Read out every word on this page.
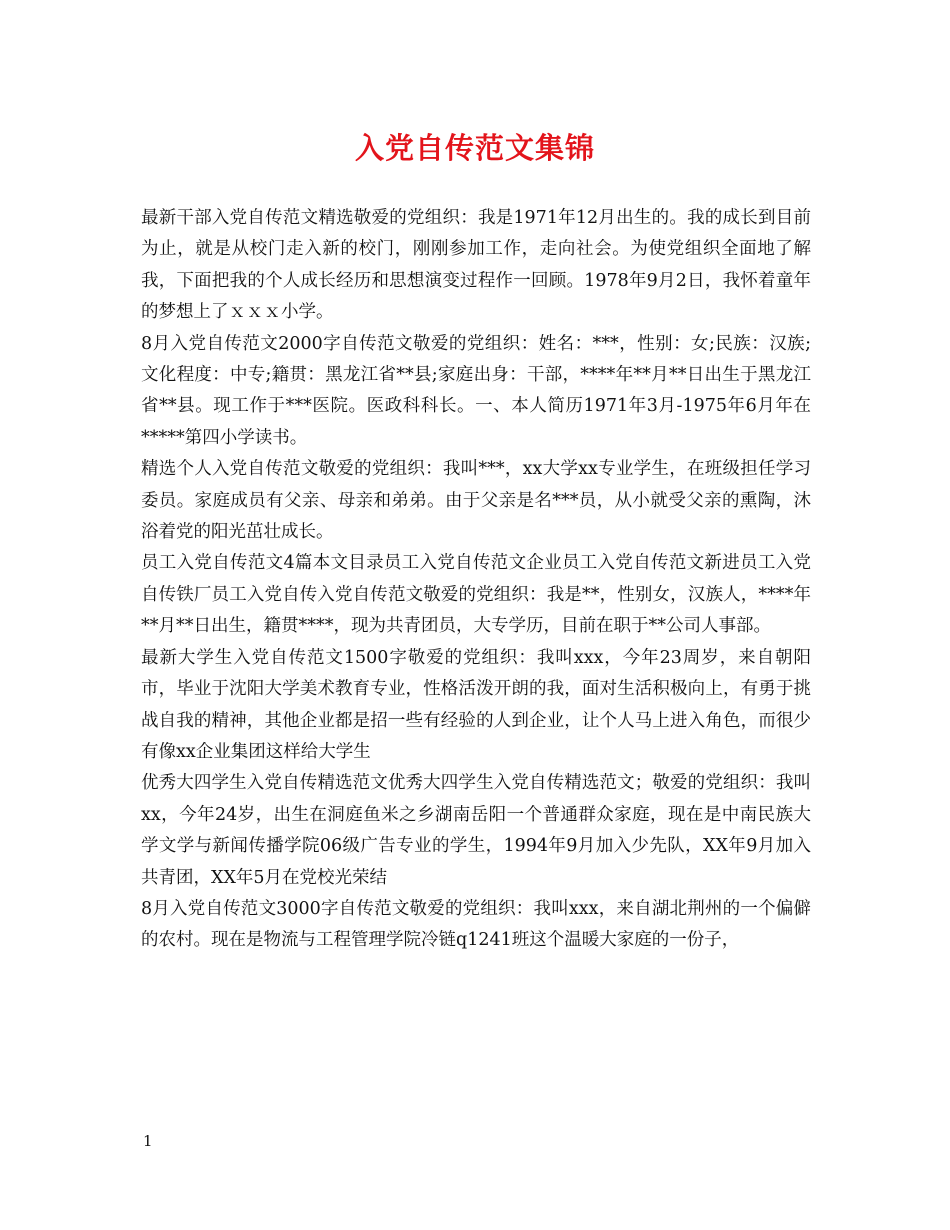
入党自传范文集锦

最新干部入党自传范文精选敬爱的党组织：我是1971年12月出生的。我的成长到目前为止，就是从校门走入新的校门，刚刚参加工作，走向社会。为使党组织全面地了解我，下面把我的个人成长经历和思想演变过程作一回顾。1978年9月2日，我怀着童年的梦想上了ｘｘｘ小学。

8月入党自传范文2000字自传范文敬爱的党组织：姓名：***，性别：女;民族：汉族;文化程度：中专;籍贯：黑龙江省**县;家庭出身：干部，****年**月**日出生于黑龙江省**县。现工作于***医院。医政科科长。一、本人简历1971年3月-1975年6月年在*****第四小学读书。

精选个人入党自传范文敬爱的党组织：我叫***，xx大学xx专业学生，在班级担任学习委员。家庭成员有父亲、母亲和弟弟。由于父亲是名***员，从小就受父亲的熏陶，沐浴着党的阳光茁壮成长。

员工入党自传范文4篇本文目录员工入党自传范文企业员工入党自传范文新进员工入党自传铁厂员工入党自传入党自传范文敬爱的党组织：我是**，性别女，汉族人，****年**月**日出生，籍贯****，现为共青团员，大专学历，目前在职于**公司人事部。

最新大学生入党自传范文1500字敬爱的党组织：我叫xxx，今年23周岁，来自朝阳市，毕业于沈阳大学美术教育专业，性格活泼开朗的我，面对生活积极向上，有勇于挑战自我的精神，其他企业都是招一些有经验的人到企业，让个人马上进入角色，而很少有像xx企业集团这样给大学生

优秀大四学生入党自传精选范文优秀大四学生入党自传精选范文；敬爱的党组织：我叫xx，今年24岁，出生在洞庭鱼米之乡湖南岳阳一个普通群众家庭，现在是中南民族大学文学与新闻传播学院06级广告专业的学生，1994年9月加入少先队，XX年9月加入共青团，XX年5月在党校光荣结

8月入党自传范文3000字自传范文敬爱的党组织：我叫xxx，来自湖北荆州的一个偏僻的农村。现在是物流与工程管理学院冷链q1241班这个温暖大家庭的一份子，

1
